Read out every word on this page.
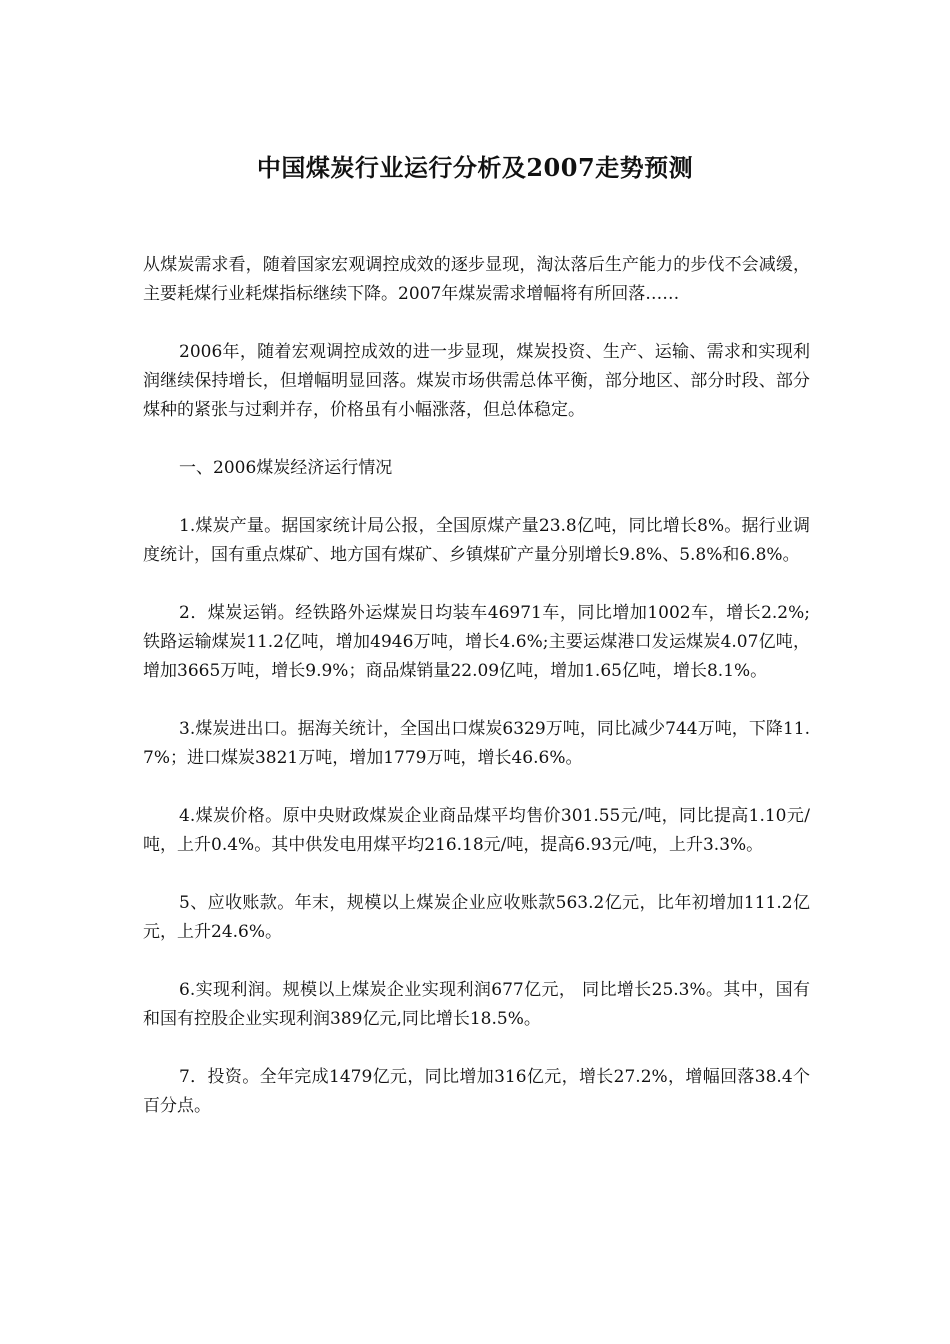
中国煤炭行业运行分析及2007走势预测

从煤炭需求看，随着国家宏观调控成效的逐步显现，淘汰落后生产能力的步伐不会减缓，主要耗煤行业耗煤指标继续下降。2007年煤炭需求增幅将有所回落……

2006年，随着宏观调控成效的进一步显现，煤炭投资、生产、运输、需求和实现利润继续保持增长，但增幅明显回落。煤炭市场供需总体平衡，部分地区、部分时段、部分煤种的紧张与过剩并存，价格虽有小幅涨落，但总体稳定。

一、2006煤炭经济运行情况

1.煤炭产量。据国家统计局公报，全国原煤产量23.8亿吨，同比增长8%。据行业调度统计，国有重点煤矿、地方国有煤矿、乡镇煤矿产量分别增长9.8%、5.8%和6.8%。

2．煤炭运销。经铁路外运煤炭日均装车46971车，同比增加1002车，增长2.2%;铁路运输煤炭11.2亿吨，增加4946万吨，增长4.6%;主要运煤港口发运煤炭4.07亿吨，增加3665万吨，增长9.9%；商品煤销量22.09亿吨，增加1.65亿吨，增长8.1%。

3.煤炭进出口。据海关统计，全国出口煤炭6329万吨，同比减少744万吨，下降11.7%；进口煤炭3821万吨，增加1779万吨，增长46.6%。

4.煤炭价格。原中央财政煤炭企业商品煤平均售价301.55元/吨，同比提高1.10元/吨，上升0.4%。其中供发电用煤平均216.18元/吨，提高6.93元/吨，上升3.3%。

5、应收账款。年末，规模以上煤炭企业应收账款563.2亿元，比年初增加111.2亿元，上升24.6%。

6.实现利润。规模以上煤炭企业实现利润677亿元， 同比增长25.3%。其中，国有和国有控股企业实现利润389亿元,同比增长18.5%。

7．投资。全年完成1479亿元，同比增加316亿元，增长27.2%，增幅回落38.4个百分点。
